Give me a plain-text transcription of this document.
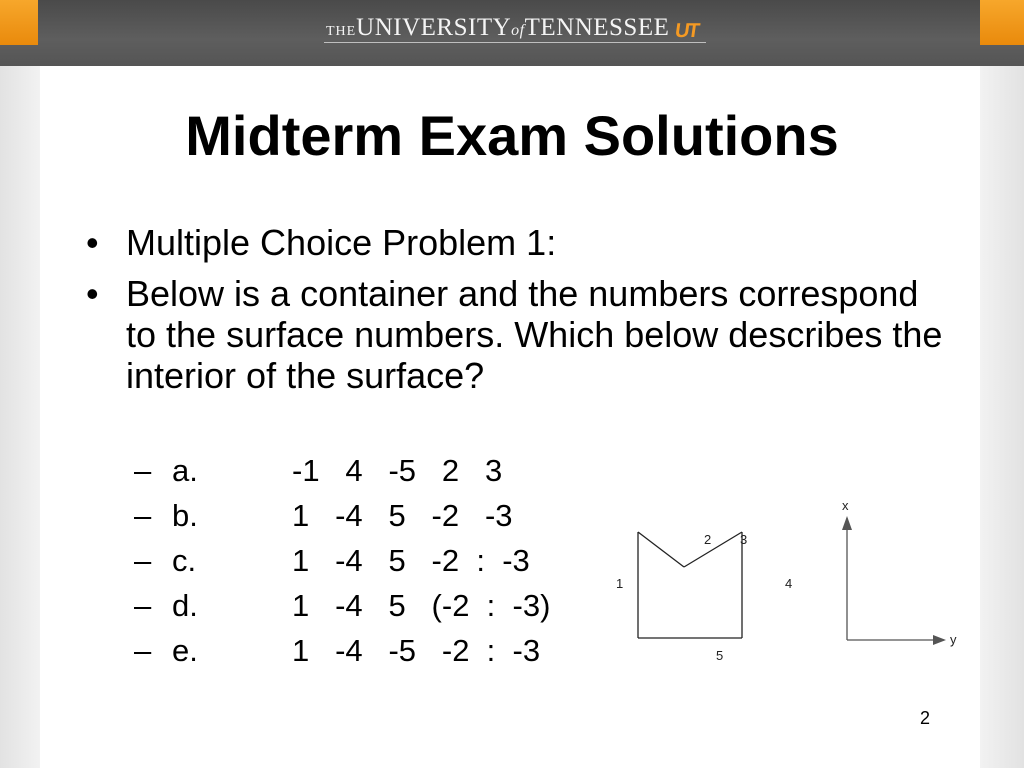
THEUNIVERSITYofTENNESSEE UT
Midterm Exam Solutions
• Multiple Choice Problem 1:
• Below is a container and the numbers correspond to the surface numbers. Which below describes the interior of the surface?
– a.	-1   4   -5   2   3
– b.	1   -4   5   -2   -3
– c.	1   -4   5   -2  :  -3
– d.	1   -4   5   (-2  :  -3)
– e.	1   -4   -5   -2  :  -3
1
2 3
4
5
x
y
2
